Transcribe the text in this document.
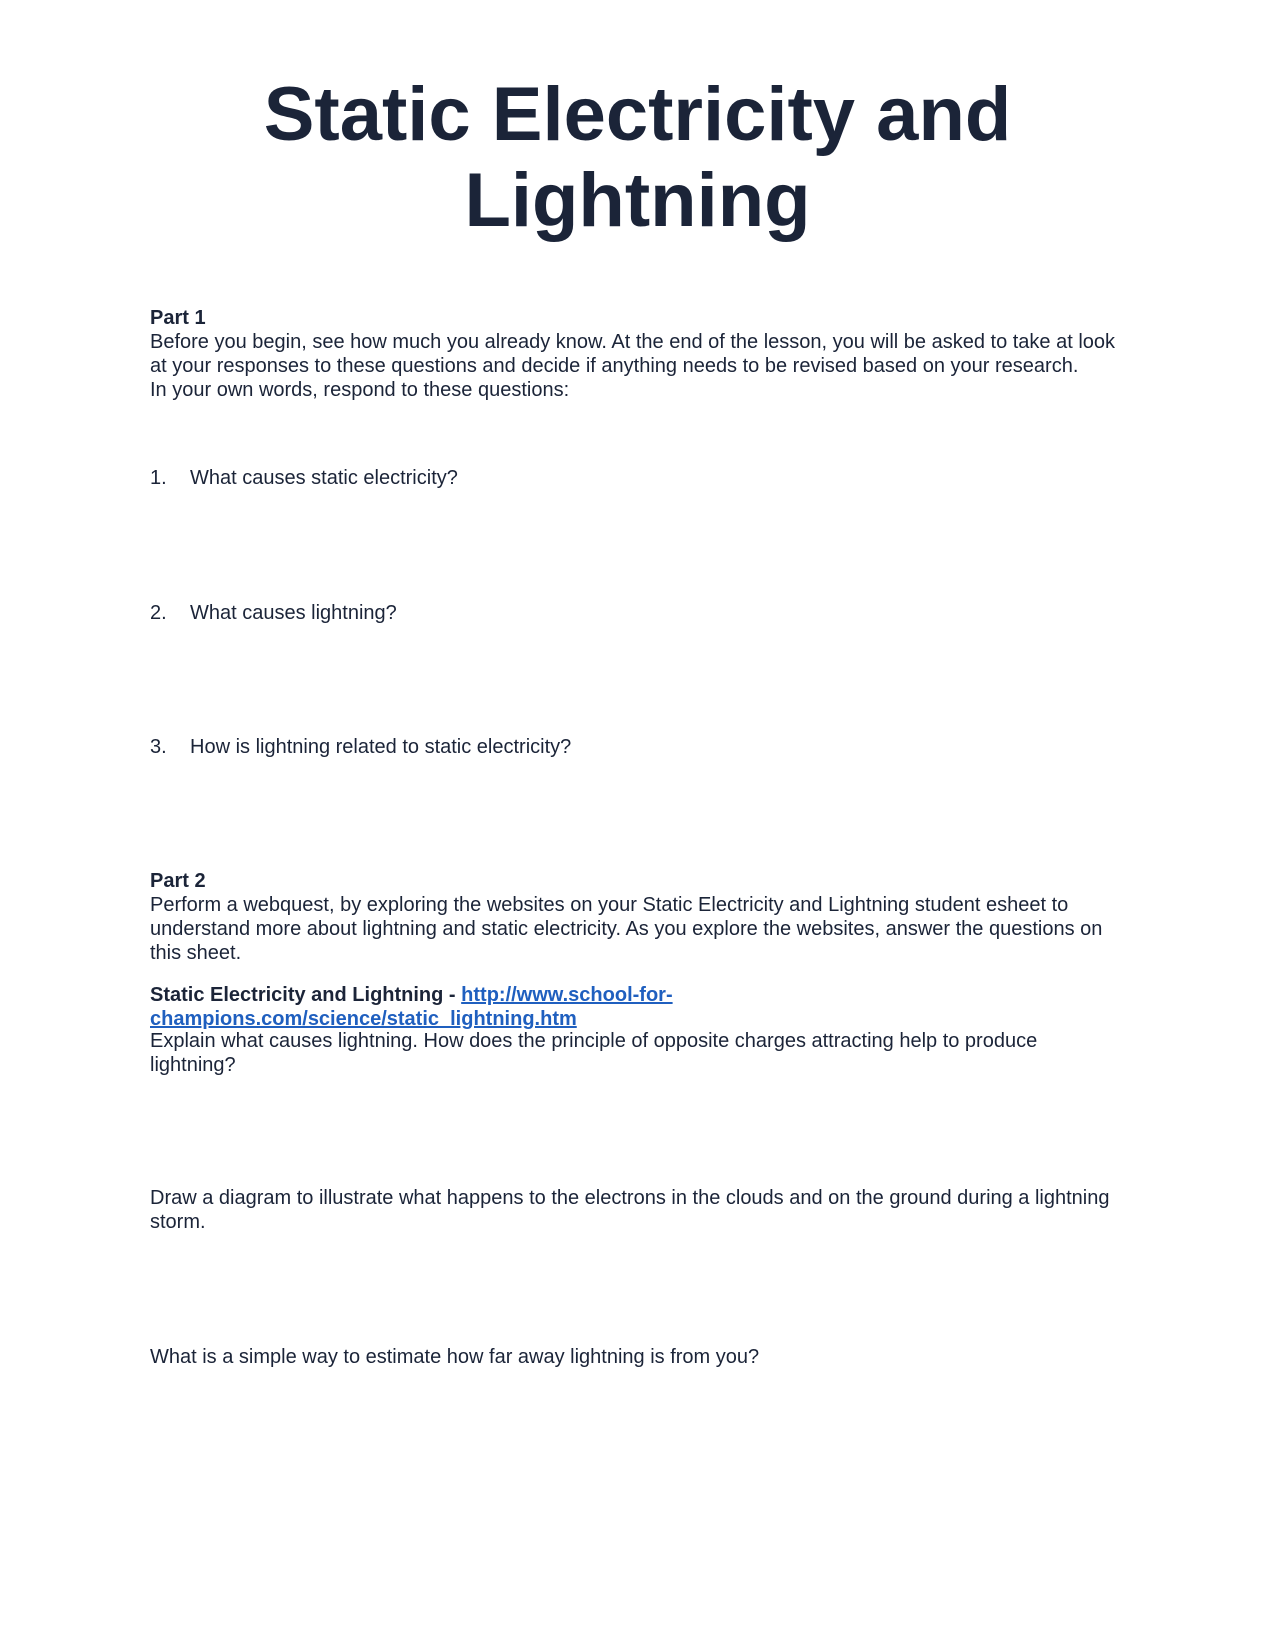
Static Electricity and Lightning

Part 1

Before you begin, see how much you already know. At the end of the lesson, you will be asked to take at look at your responses to these questions and decide if anything needs to be revised based on your research.

In your own words, respond to these questions:

1. What causes static electricity?
2. What causes lightning?
3. How is lightning related to static electricity?

Part 2

Perform a webquest, by exploring the websites on your Static Electricity and Lightning student esheet to understand more about lightning and static electricity. As you explore the websites, answer the questions on this sheet.

Static Electricity and Lightning - http://www.school-for-champions.com/science/static_lightning.htm

Explain what causes lightning. How does the principle of opposite charges attracting help to produce lightning?

Draw a diagram to illustrate what happens to the electrons in the clouds and on the ground during a lightning storm.

What is a simple way to estimate how far away lightning is from you?
